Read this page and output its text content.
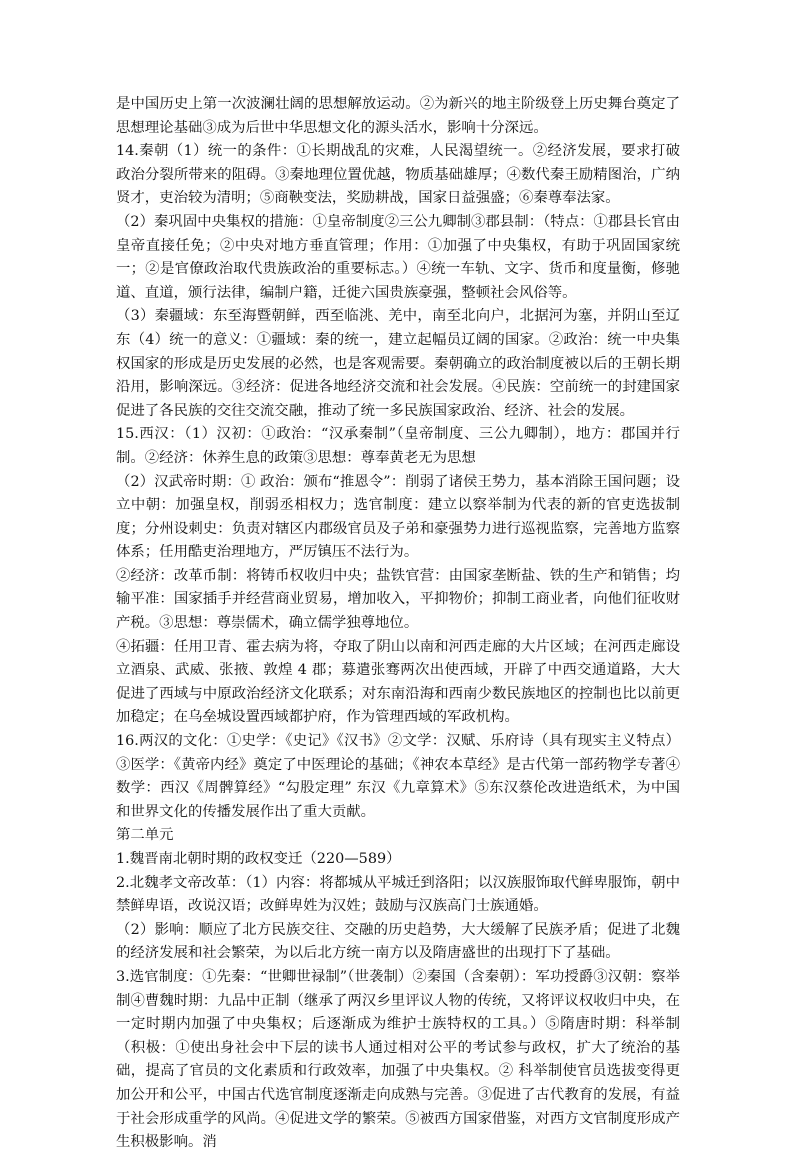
是中国历史上第一次波澜壮阔的思想解放运动。②为新兴的地主阶级登上历史舞台奠定了思想理论基础③成为后世中华思想文化的源头活水，影响十分深远。

14.秦朝（1）统一的条件：①长期战乱的灾难，人民渴望统一。②经济发展，要求打破政治分裂所带来的阻碍。③秦地理位置优越，物质基础雄厚；④数代秦王励精图治，广纳贤才，吏治较为清明；⑤商鞅变法，奖励耕战，国家日益强盛；⑥秦尊奉法家。

（2）秦巩固中央集权的措施：①皇帝制度②三公九卿制③郡县制：（特点：①郡县长官由皇帝直接任免；②中央对地方垂直管理；作用：①加强了中央集权，有助于巩固国家统一；②是官僚政治取代贵族政治的重要标志。）④统一车轨、文字、货币和度量衡，修驰道、直道，颁行法律，编制户籍，迁徙六国贵族豪强，整顿社会风俗等。

（3）秦疆域：东至海暨朝鲜，西至临洮、羌中，南至北向户，北据河为塞，并阴山至辽东（4）统一的意义：①疆域：秦的统一，建立起幅员辽阔的国家。②政治：统一中央集权国家的形成是历史发展的必然，也是客观需要。秦朝确立的政治制度被以后的王朝长期沿用，影响深远。③经济：促进各地经济交流和社会发展。④民族：空前统一的封建国家促进了各民族的交往交流交融，推动了统一多民族国家政治、经济、社会的发展。

15.西汉：（1）汉初：①政治：“汉承秦制”（皇帝制度、三公九卿制），地方：郡国并行制。②经济：休养生息的政策③思想：尊奉黄老无为思想

（2）汉武帝时期：① 政治：颁布“推恩令”：削弱了诸侯王势力，基本消除王国问题；设立中朝：加强皇权，削弱丞相权力；选官制度：建立以察举制为代表的新的官吏选拔制度；分州设刺史：负责对辖区内郡级官员及子弟和豪强势力进行巡视监察，完善地方监察体系；任用酷吏治理地方，严厉镇压不法行为。

②经济：改革币制：将铸币权收归中央；盐铁官营：由国家垄断盐、铁的生产和销售；均输平准：国家插手并经营商业贸易，增加收入，平抑物价；抑制工商业者，向他们征收财产税。③思想：尊崇儒术，确立儒学独尊地位。

④拓疆：任用卫青、霍去病为将，夺取了阴山以南和河西走廊的大片区域；在河西走廊设立酒泉、武威、张掖、敦煌 4 郡；募遣张骞两次出使西域，开辟了中西交通道路，大大促进了西域与中原政治经济文化联系；对东南沿海和西南少数民族地区的控制也比以前更加稳定；在乌垒城设置西域都护府，作为管理西域的军政机构。

16.两汉的文化：①史学：《史记》《汉书》②文学：汉赋、乐府诗（具有现实主义特点）③医学：《黄帝内经》奠定了中医理论的基础；《神农本草经》是古代第一部药物学专著④数学：西汉《周髀算经》“勾股定理” 东汉《九章算术》⑤东汉蔡伦改进造纸术，为中国和世界文化的传播发展作出了重大贡献。

第二单元

1.魏晋南北朝时期的政权变迁（220—589）

2.北魏孝文帝改革：（1）内容：将都城从平城迁到洛阳；以汉族服饰取代鲜卑服饰，朝中禁鲜卑语，改说汉语；改鲜卑姓为汉姓；鼓励与汉族高门士族通婚。

（2）影响：顺应了北方民族交往、交融的历史趋势，大大缓解了民族矛盾；促进了北魏的经济发展和社会繁荣，为以后北方统一南方以及隋唐盛世的出现打下了基础。

3.选官制度：①先秦：“世卿世禄制”（世袭制）②秦国（含秦朝）：军功授爵③汉朝：察举制④曹魏时期：九品中正制（继承了两汉乡里评议人物的传统，又将评议权收归中央，在一定时期内加强了中央集权；后逐渐成为维护士族特权的工具。）⑤隋唐时期：科举制（积极：①使出身社会中下层的读书人通过相对公平的考试参与政权，扩大了统治的基础，提高了官员的文化素质和行政效率，加强了中央集权。② 科举制使官员选拔变得更加公开和公平，中国古代选官制度逐渐走向成熟与完善。③促进了古代教育的发展，有益于社会形成重学的风尚。④促进文学的繁荣。⑤被西方国家借鉴，对西方文官制度形成产生积极影响。消
